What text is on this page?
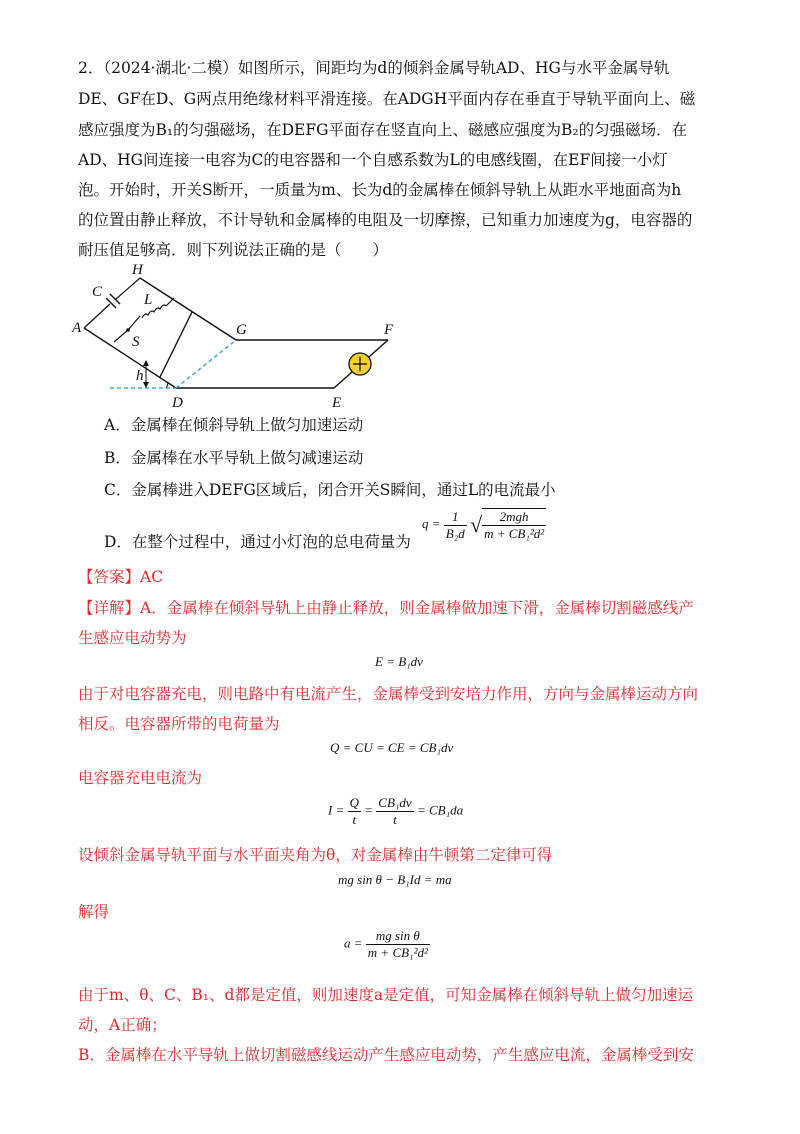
2．（2024·湖北·二模）如图所示，间距均为d的倾斜金属导轨AD、HG与水平金属导轨
DE、GF在D、G两点用绝缘材料平滑连接。在ADGH平面内存在垂直于导轨平面向上、磁
感应强度为B₁的匀强磁场，在DEFG平面存在竖直向上、磁感应强度为B₂的匀强磁场．在
AD、HG间连接一电容为C的电容器和一个自感系数为L的电感线圈，在EF间接一小灯
泡。开始时，开关S断开，一质量为m、长为d的金属棒在倾斜导轨上从距水平地面高为h
的位置由静止释放，不计导轨和金属棒的电阻及一切摩擦，已知重力加速度为g，电容器的
耐压值足够高．则下列说法正确的是（　　）
H
C	L
A
S
G	F
h
D	E
A．金属棒在倾斜导轨上做匀加速运动
B．金属棒在水平导轨上做匀减速运动
C．金属棒进入DEFG区域后，闭合开关S瞬间，通过L的电流最小
D．在整个过程中，通过小灯泡的总电荷量为
$q = \frac{1}{\text{B₂d}}$ √ $\frac{\text{2mgh}}{\text{m + CB₁²d²}}$
【答案】AC
【详解】A．金属棒在倾斜导轨上由静止释放，则金属棒做加速下滑，金属棒切割磁感线产
生感应电动势为
E = B₁dv
由于对电容器充电，则电路中有电流产生，金属棒受到安培力作用，方向与金属棒运动方向
相反。电容器所带的电荷量为
Q = CU = CE = CB₁dv
电容器充电电流为
$I = \frac{Q}{t} = \frac{\text{CB₁dv}}{t} = CB_1da$
设倾斜金属导轨平面与水平面夹角为θ，对金属棒由牛顿第二定律可得
mg sin θ − B₁Id = ma
解得
$a = \frac{\text{mg sin θ}}{\text{m + CB₁²d²}}$
由于m、θ、C、B₁、d都是定值，则加速度a是定值，可知金属棒在倾斜导轨上做匀加速运
动，A正确；
B．金属棒在水平导轨上做切割磁感线运动产生感应电动势，产生感应电流，金属棒受到安
